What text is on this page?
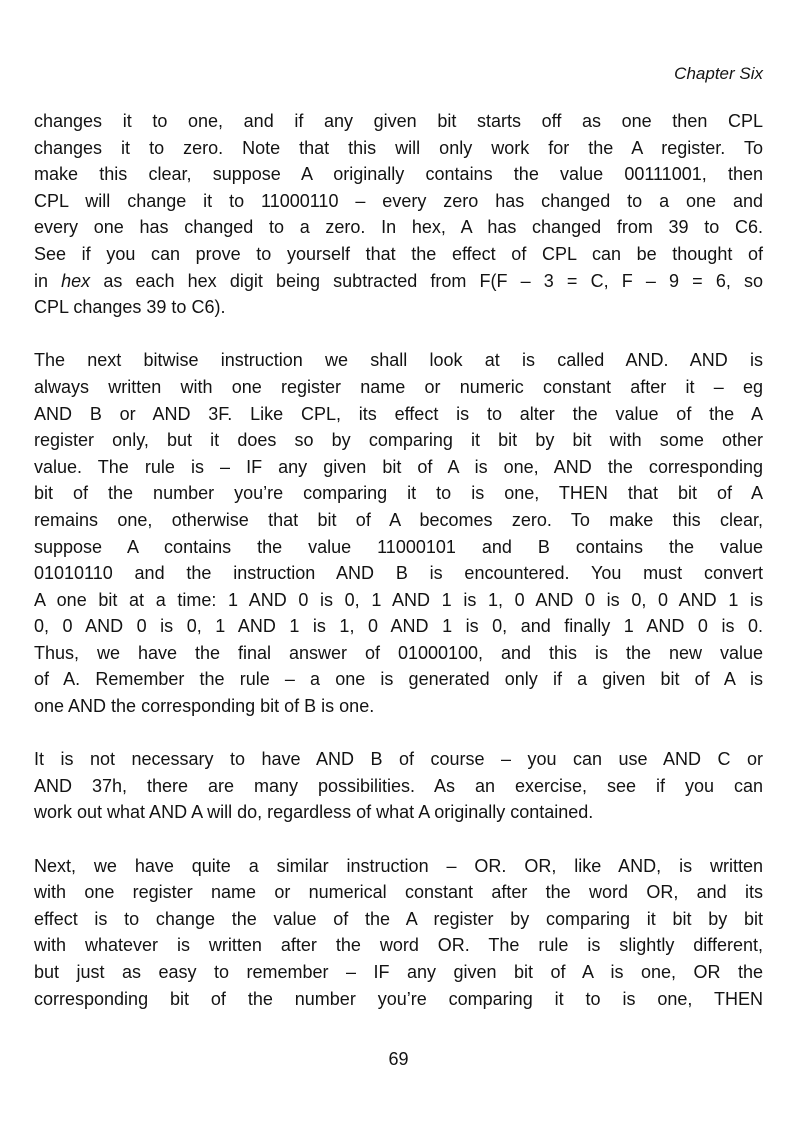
Chapter Six
changes it to one, and if any given bit starts off as one then CPL
changes it to zero. Note that this will only work for the A register. To
make this clear, suppose A originally contains the value 00111001, then
CPL will change it to 11000110 – every zero has changed to a one and
every one has changed to a zero. In hex, A has changed from 39 to C6.
See if you can prove to yourself that the effect of CPL can be thought of
in hex as each hex digit being subtracted from F(F – 3 = C, F – 9 = 6, so
CPL changes 39 to C6).
The next bitwise instruction we shall look at is called AND. AND is
always written with one register name or numeric constant after it – eg
AND B or AND 3F. Like CPL, its effect is to alter the value of the A
register only, but it does so by comparing it bit by bit with some other
value. The rule is – IF any given bit of A is one, AND the corresponding
bit of the number you’re comparing it to is one, THEN that bit of A
remains one, otherwise that bit of A becomes zero. To make this clear,
suppose A contains the value 11000101 and B contains the value
01010110 and the instruction AND B is encountered. You must convert
A one bit at a time: 1 AND 0 is 0, 1 AND 1 is 1, 0 AND 0 is 0, 0 AND 1 is
0, 0 AND 0 is 0, 1 AND 1 is 1, 0 AND 1 is 0, and finally 1 AND 0 is 0.
Thus, we have the final answer of 01000100, and this is the new value
of A. Remember the rule – a one is generated only if a given bit of A is
one AND the corresponding bit of B is one.
It is not necessary to have AND B of course – you can use AND C or
AND 37h, there are many possibilities. As an exercise, see if you can
work out what AND A will do, regardless of what A originally contained.
Next, we have quite a similar instruction – OR. OR, like AND, is written
with one register name or numerical constant after the word OR, and its
effect is to change the value of the A register by comparing it bit by bit
with whatever is written after the word OR. The rule is slightly different,
but just as easy to remember – IF any given bit of A is one, OR the
corresponding bit of the number you’re comparing it to is one, THEN
69
